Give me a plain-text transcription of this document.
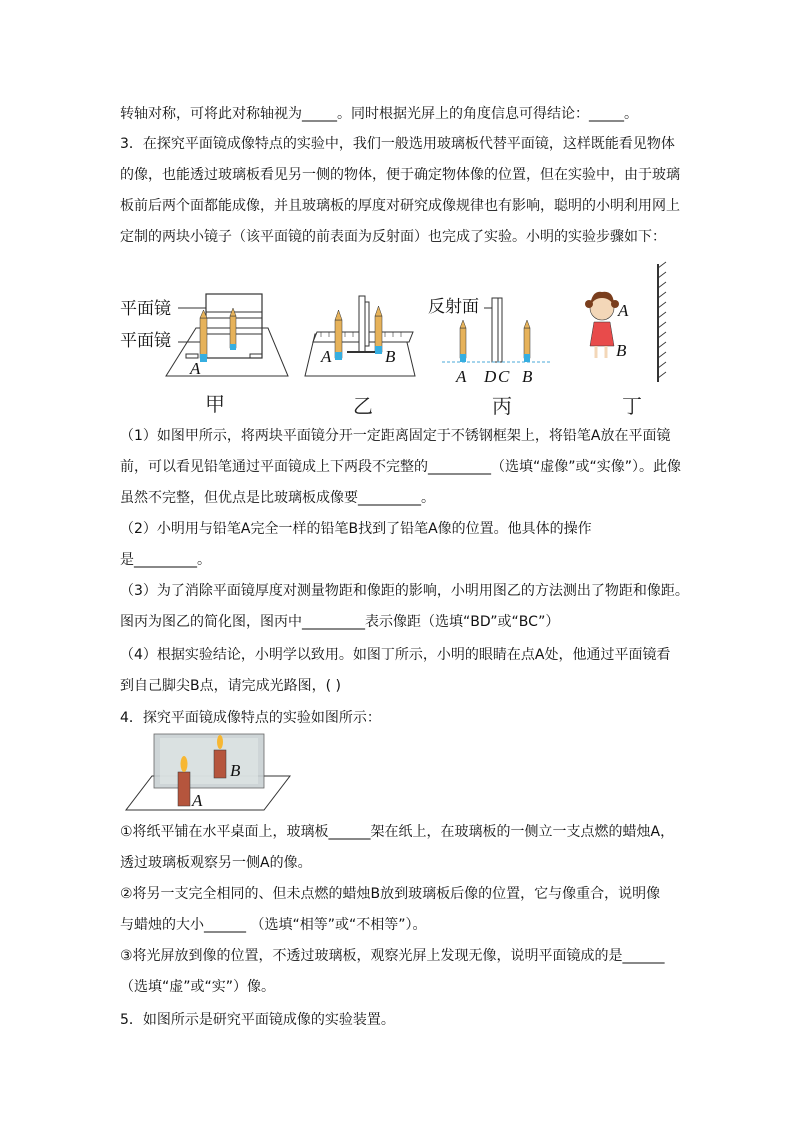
转轴对称，可将此对称轴视为_____。同时根据光屏上的角度信息可得结论：_____。
3．在探究平面镜成像特点的实验中，我们一般选用玻璃板代替平面镜，这样既能看见物体
的像，也能透过玻璃板看见另一侧的物体，便于确定物体像的位置，但在实验中，由于玻璃
板前后两个面都能成像，并且玻璃板的厚度对研究成像规律也有影响，聪明的小明利用网上
定制的两块小镜子（该平面镜的前表面为反射面）也完成了实验。小明的实验步骤如下：
平面镜
平面镜
A
甲
A	B
乙
反射面
A D C B
丙
A
B
丁
（1）如图甲所示，将两块平面镜分开一定距离固定于不锈钢框架上，将铅笔A放在平面镜
前，可以看见铅笔通过平面镜成上下两段不完整的_________（选填“虚像”或“实像”）。此像
虽然不完整，但优点是比玻璃板成像要_________。
（2）小明用与铅笔A完全一样的铅笔B找到了铅笔A像的位置。他具体的操作
是_________。
（3）为了消除平面镜厚度对测量物距和像距的影响，小明用图乙的方法测出了物距和像距。
图丙为图乙的简化图，图丙中_________表示像距（选填“BD”或“BC”）
（4）根据实验结论，小明学以致用。如图丁所示，小明的眼睛在点A处，他通过平面镜看
到自己脚尖B点，请完成光路图，( )
4．探究平面镜成像特点的实验如图所示：
B
A
①将纸平铺在水平桌面上，玻璃板______架在纸上，在玻璃板的一侧立一支点燃的蜡烛A，
透过玻璃板观察另一侧A的像。
②将另一支完全相同的、但未点燃的蜡烛B放到玻璃板后像的位置，它与像重合，说明像
与蜡烛的大小______ （选填“相等”或“不相等”）。
③将光屏放到像的位置，不透过玻璃板，观察光屏上发现无像，说明平面镜成的是______
（选填“虚”或“实”）像。
5．如图所示是研究平面镜成像的实验装置。
